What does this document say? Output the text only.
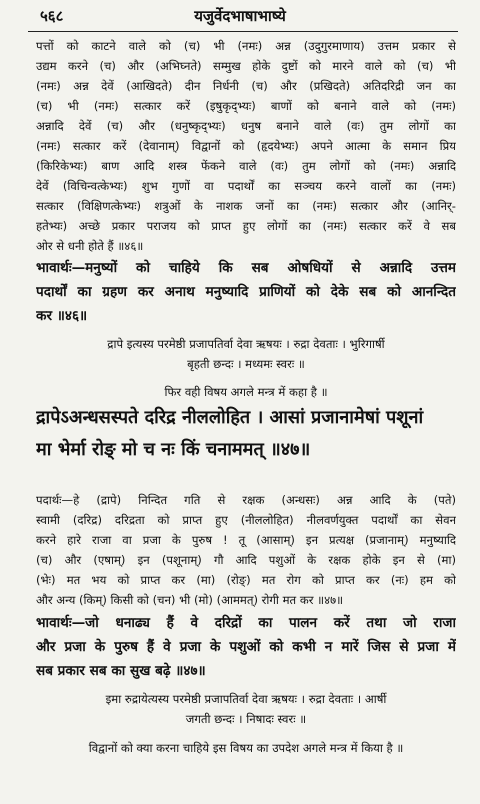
५६८	यजुर्वेदभाषाभाष्ये
पत्तों को काटने वाले को (च) भी (नमः) अन्न (उदुगुरमाणाय) उत्तम प्रकार से
उद्यम करने (च) और (अभिघ्नते) सम्मुख होके दुष्टों को मारने वाले को (च) भी
(नमः) अन्न देवें (आखिदते) दीन निर्धनी (च) और (प्रखिदते) अतिदरिद्री जन का
(च) भी (नमः) सत्कार करें (इषुकृद्भ्यः) बाणों को बनाने वाले को (नमः)
अन्नादि देवें (च) और (धनुष्कृद्भ्यः) धनुष बनाने वाले (वः) तुम लोगों का
(नमः) सत्कार करें (देवानाम्) विद्वानों को (हृदयेभ्यः) अपने आत्मा के समान प्रिय
(किरिकेभ्यः) बाण आदि शस्त्र फेंकने वाले (वः) तुम लोगों को (नमः) अन्नादि
देवें (विचिन्वत्केभ्यः) शुभ गुणों वा पदार्थों का सञ्चय करने वालों का (नमः)
सत्कार (विक्षिणत्केभ्यः) शत्रुओं के नाशक जनों का (नमः) सत्कार और (आनिर्-
हतेभ्यः) अच्छे प्रकार पराजय को प्राप्त हुए लोगों का (नमः) सत्कार करें वे सब
ओर से धनी होते हैं ॥४६॥
भावार्थः—मनुष्यों को चाहिये कि सब ओषधियों से अन्नादि उत्तम
पदार्थों का ग्रहण कर अनाथ मनुष्यादि प्राणियों को देके सब को आनन्दित
कर ॥४६॥
द्रापे इत्यस्य परमेष्ठी प्रजापतिर्वा देवा ऋषयः । रुद्रा देवताः । भुरिगार्षी
बृहती छन्दः । मध्यमः स्वरः ॥
फिर वही विषय अगले मन्त्र में कहा है ॥
द्रापेऽअन्धसस्पते दरिद्र नीललोहित । आसां प्रजानामेषां पशूनां
मा भेर्मा रोङ् मो च नः किं चनाममत् ॥४७॥
पदार्थः—हे (द्रापे) निन्दित गति से रक्षक (अन्धसः) अन्न आदि के (पते)
स्वामी (दरिद्र) दरिद्रता को प्राप्त हुए (नीललोहित) नीलवर्णयुक्त पदार्थों का सेवन
करने हारे राजा वा प्रजा के पुरुष ! तू (आसाम्) इन प्रत्यक्ष (प्रजानाम्) मनुष्यादि
(च) और (एषाम्) इन (पशूनाम्) गौ आदि पशुओं के रक्षक होके इन से (मा)
(भेः) मत भय को प्राप्त कर (मा) (रोङ्) मत रोग को प्राप्त कर (नः) हम को
और अन्य (किम्) किसी को (चन) भी (मो) (आममत्) रोगी मत कर ॥४७॥
भावार्थः—जो धनाढ्य हैं वे दरिद्रों का पालन करें तथा जो राजा
और प्रजा के पुरुष हैं वे प्रजा के पशुओं को कभी न मारें जिस से प्रजा में
सब प्रकार सब का सुख बढ़े ॥४७॥
इमा रुद्रायेत्यस्य परमेष्ठी प्रजापतिर्वा देवा ऋषयः । रुद्रा देवताः । आर्षी
जगती छन्दः । निषादः स्वरः ॥
विद्वानों को क्या करना चाहिये इस विषय का उपदेश अगले मन्त्र में किया है ॥
